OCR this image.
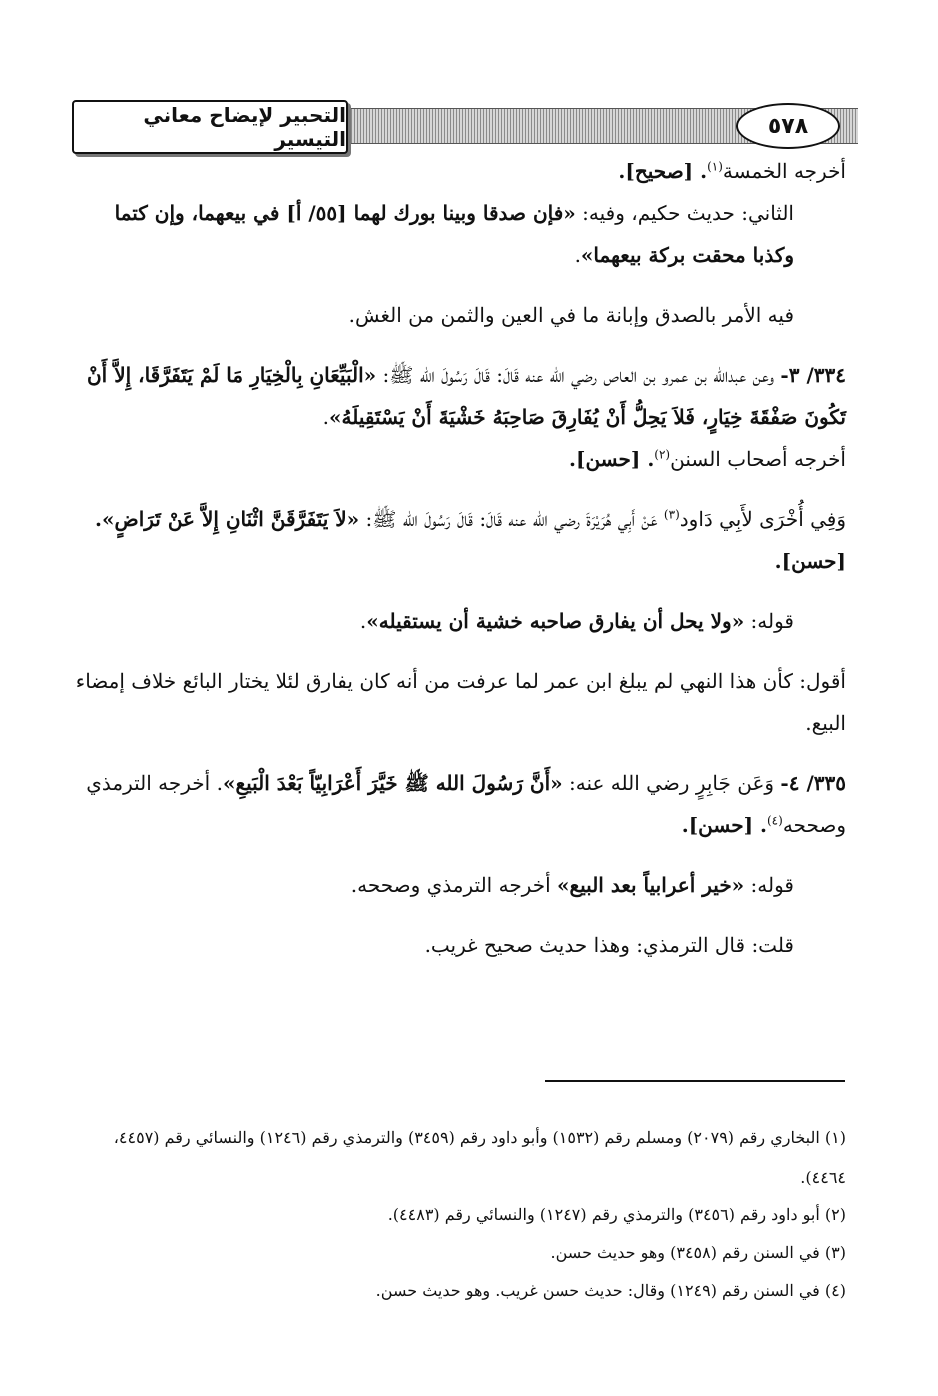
٥٧٨
التحبير لإيضاح معاني التيسير

أخرجه الخمسة$^{(١)}$. [صحيح].

الثاني: حديث حكيم، وفيه: «فإن صدقا وبينا بورك لهما [٥٥/ أ] في بيعهما، وإن كتما وكذبا محقت بركة بيعهما».

فيه الأمر بالصدق وإبانة ما في العين والثمن من الغش.

٣٣٤/ ٣- وعن عبدالله بن عمرو بن العاص رضي الله عنه قَالَ: قَالَ رَسُولَ الله ﷺ: «الْبَيِّعَانِ بِالْخِيَارِ مَا لَمْ يَتَفَرَّقَا، إِلاَّ أَنْ تَكُونَ صَفْقَةَ خِيَارٍ، فَلاَ يَحِلُّ أَنْ يُفَارِقَ صَاحِبَهُ خَشْيَةَ أَنْ يَسْتَقِيلَهُ».
أخرجه أصحاب السنن$^{(٢)}$. [حسن].

وَفِي أُخْرَى لأَبِي دَاود$^{(٣)}$ عَنْ أَبِي هُرَيْرَةَ رضي الله عنه قَالَ: قَالَ رَسُولَ الله ﷺ: «لاَ يَتَفَرَّقَنَّ اثْنَانِ إِلاَّ عَنْ تَرَاضٍ». [حسن].

قوله: «ولا يحل أن يفارق صاحبه خشية أن يستقيله».

أقول: كأن هذا النهي لم يبلغ ابن عمر لما عرفت من أنه كان يفارق لئلا يختار البائع خلاف إمضاء البيع.

٣٣٥/ ٤- وَعَن جَابِرٍ رضي الله عنه: «أَنَّ رَسُولَ الله ﷺ خَيَّرَ أَعْرَابِيّاً بَعْدَ الْبَيعِ». أخرجه الترمذي وصححه$^{(٤)}$. [حسن].

قوله: «خير أعرابياً بعد البيع» أخرجه الترمذي وصححه.

قلت: قال الترمذي: وهذا حديث صحيح غريب.

(١) البخاري رقم (٢٠٧٩) ومسلم رقم (١٥٣٢) وأبو داود رقم (٣٤٥٩) والترمذي رقم (١٢٤٦) والنسائي رقم (٤٤٥٧، ٤٤٦٤).

(٢) أبو داود رقم (٣٤٥٦) والترمذي رقم (١٢٤٧) والنسائي رقم (٤٤٨٣).

(٣) في السنن رقم (٣٤٥٨) وهو حديث حسن.

(٤) في السنن رقم (١٢٤٩) وقال: حديث حسن غريب. وهو حديث حسن.
